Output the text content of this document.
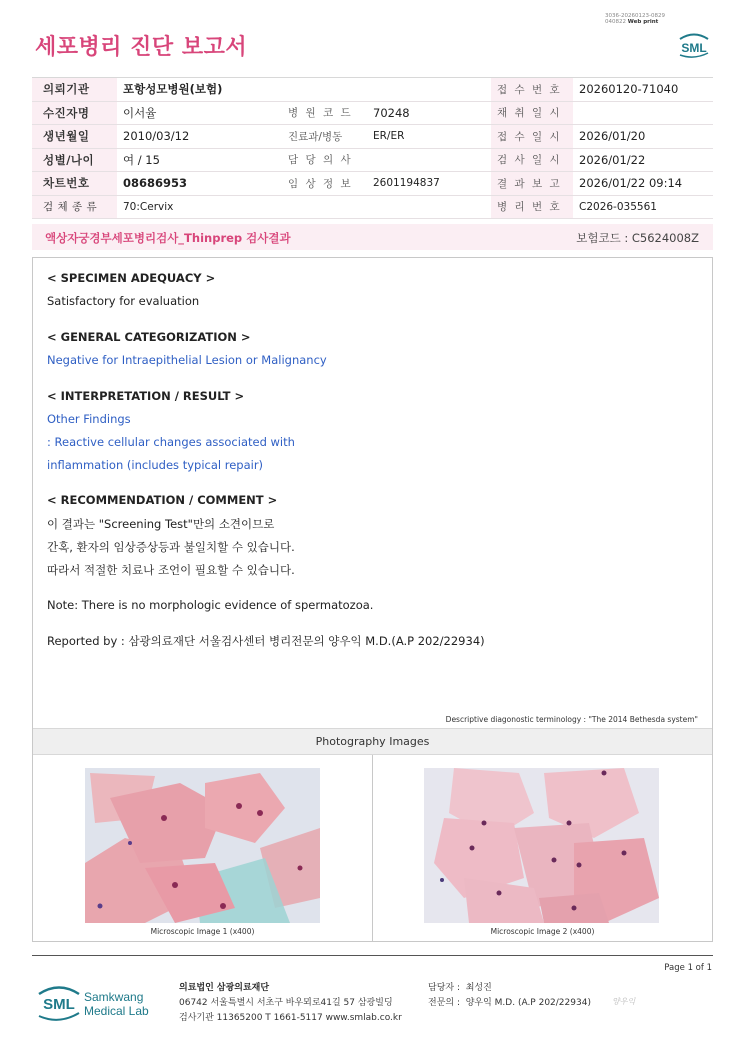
세포병리 진단 보고서
3036-20260123-0829
040822 Web print
SML
의뢰기관	포항성모병원(보험)			접 수 번 호	20260120-71040
수진자명	이서율	병 원 코 드	70248	채 취 일 시	
생년월일	2010/03/12	진료과/병동	ER/ER	접 수 일 시	2026/01/20
성별/나이	여 / 15	담 당 의 사		검 사 일 시	2026/01/22
차트번호	08686953	임 상 정 보	2601194837	결 과 보 고	2026/01/22 09:14
검 체 종 류	70:Cervix			병 리 번 호	C2026-035561
액상자궁경부세포병리검사_Thinprep 검사결과	보험코드 : C5624008Z
< SPECIMEN ADEQUACY >
Satisfactory for evaluation
< GENERAL CATEGORIZATION >
Negative for Intraepithelial Lesion or Malignancy
< INTERPRETATION / RESULT >
Other Findings
: Reactive cellular changes associated with
inflammation (includes typical repair)
< RECOMMENDATION / COMMENT >
이 결과는 "Screening Test"만의 소견이므로
간혹, 환자의 임상증상등과 불일치할 수 있습니다.
따라서 적절한 치료나 조언이 필요할 수 있습니다.
Note: There is no morphologic evidence of spermatozoa.
Reported by : 삼광의료재단 서울검사센터 병리전문의 양우익 M.D.(A.P 202/22934)
Descriptive diagonostic terminology : "The 2014 Bethesda system"
Photography Images
Microscopic Image 1 (x400)	Microscopic Image 2 (x400)
Page 1 of 1
SML Samkwang
Medical Lab
의료법인 삼광의료재단
06742 서울특별시 서초구 바우뫼로41길 57 삼광빌딩
검사기관 11365200 T 1661-5117 www.smlab.co.kr
담당자 : 최성진
전문의 : 양우익 M.D. (A.P 202/22934)	양우익
